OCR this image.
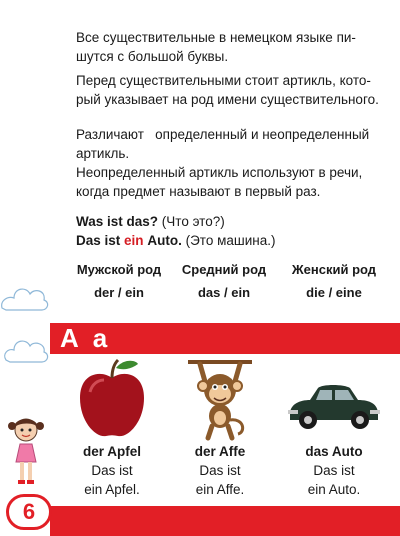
Все существительные в немецком языке пи-
шутся с большой буквы.
Перед существительными стоит артикль, кото-
рый указывает на род имени существительного.
Различают   определенный и неопределенный
артикль.
Неопределенный артикль используют в речи,
когда предмет называют в первый раз.
Was ist das? (Что это?)
Das ist ein Auto. (Это машина.)
Мужской род
der / ein
Средний род
das / ein
Женский род
die / eine
A a
der Apfel
Das ist
ein Apfel.
der Affe
Das ist
ein Affe.
das Auto
Das ist
ein Auto.
6
